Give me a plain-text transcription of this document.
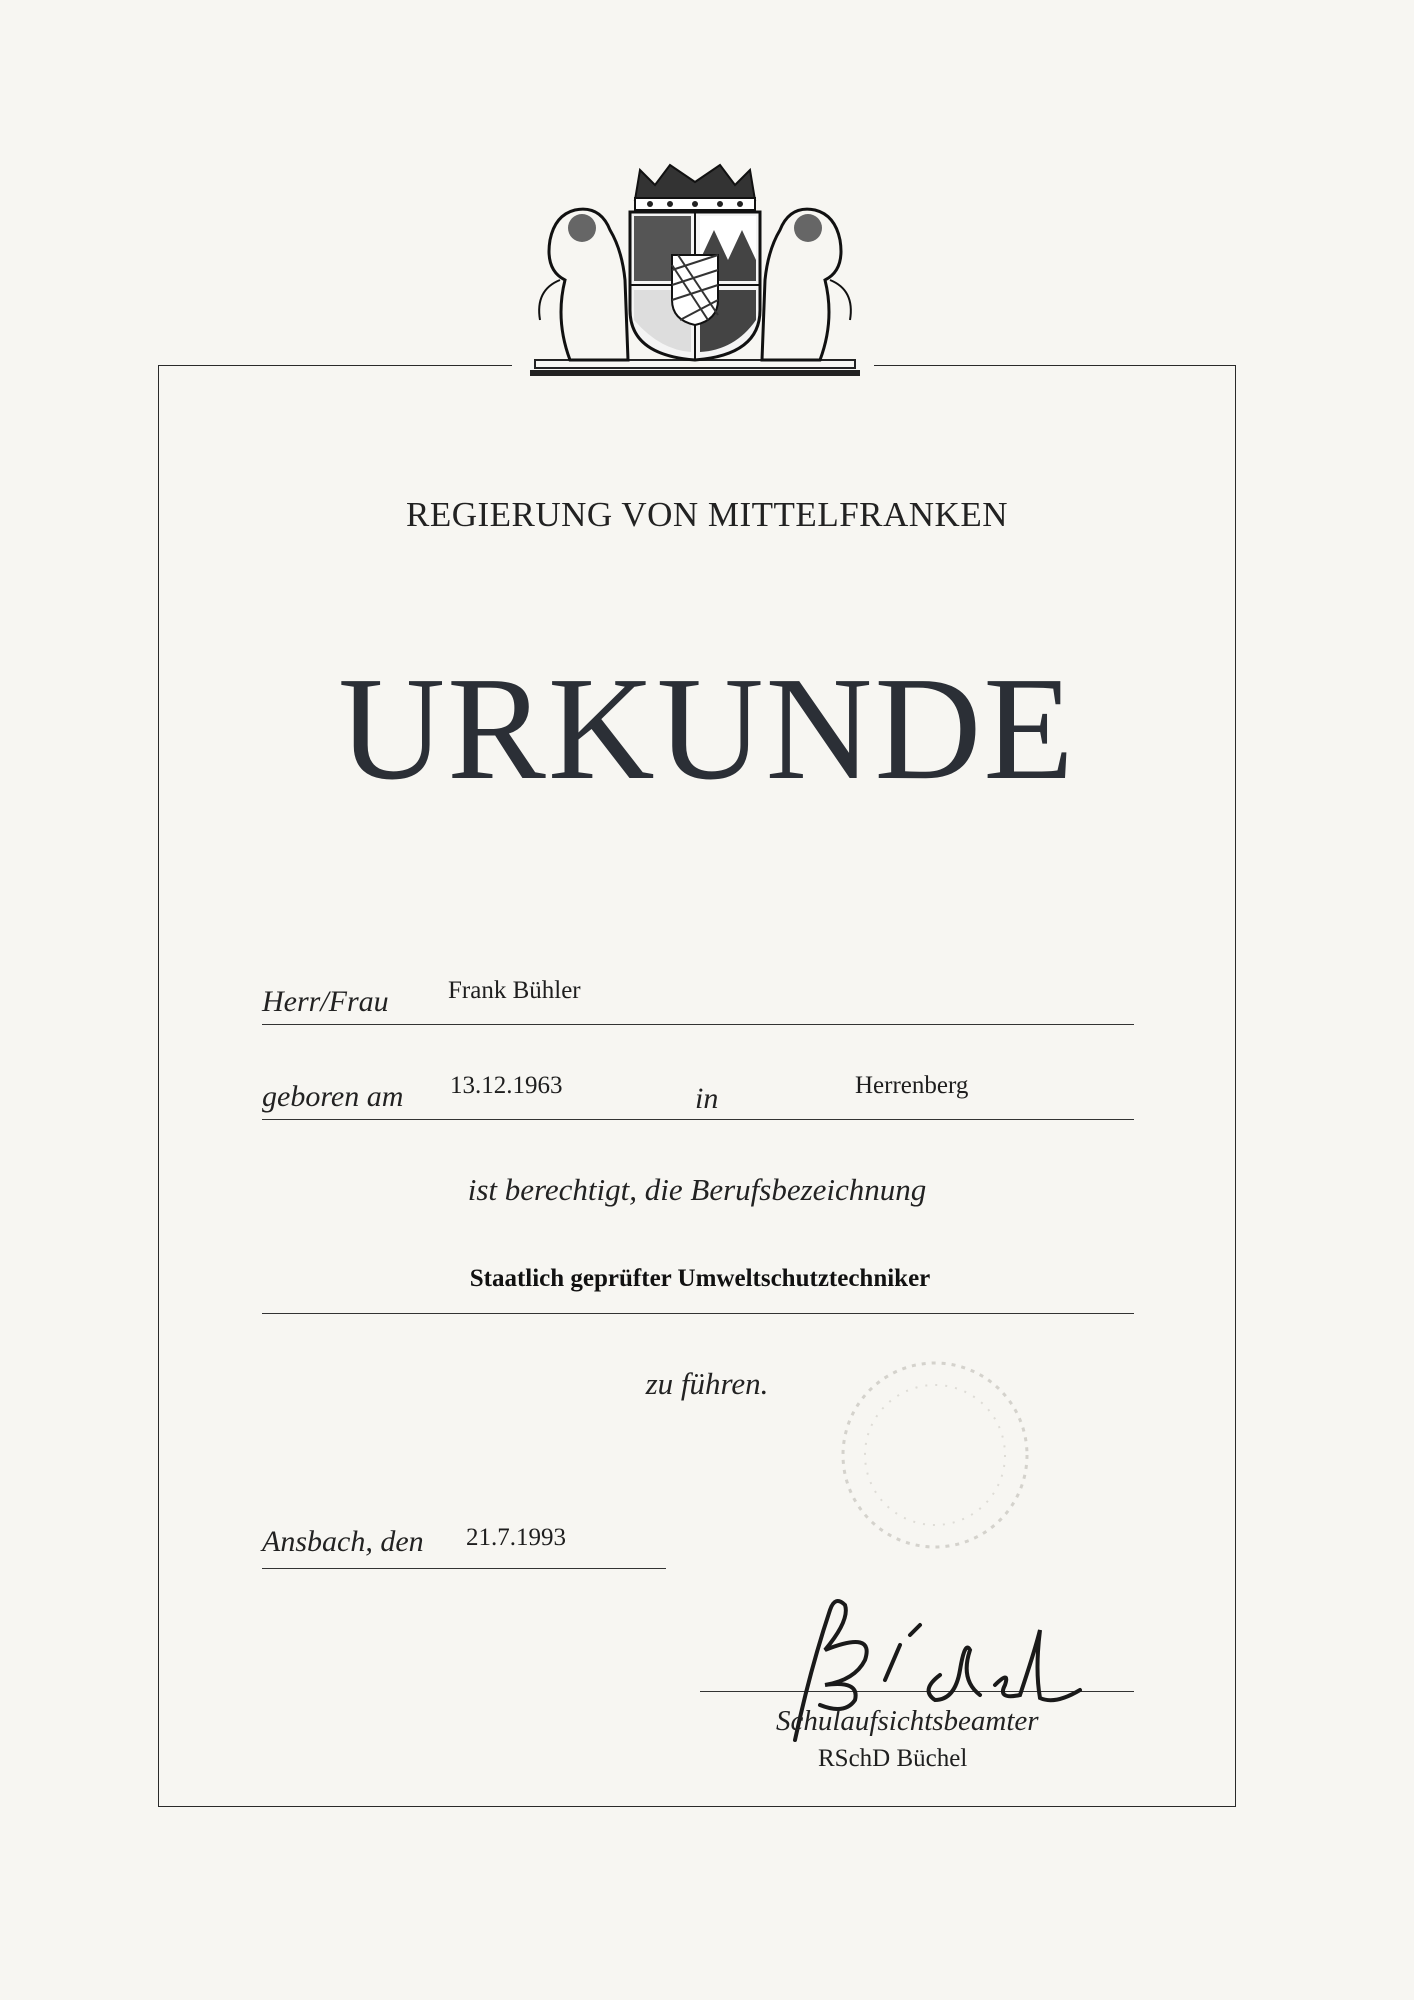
REGIERUNG VON MITTELFRANKEN
URKUNDE
Herr/Frau Frank Bühler
geboren am 13.12.1963	in	Herrenberg
ist berechtigt, die Berufsbezeichnung
Staatlich geprüfter Umweltschutztechniker
zu führen.
Ansbach, den 21.7.1993
Schulaufsichtsbeamter
RSchD Büchel
